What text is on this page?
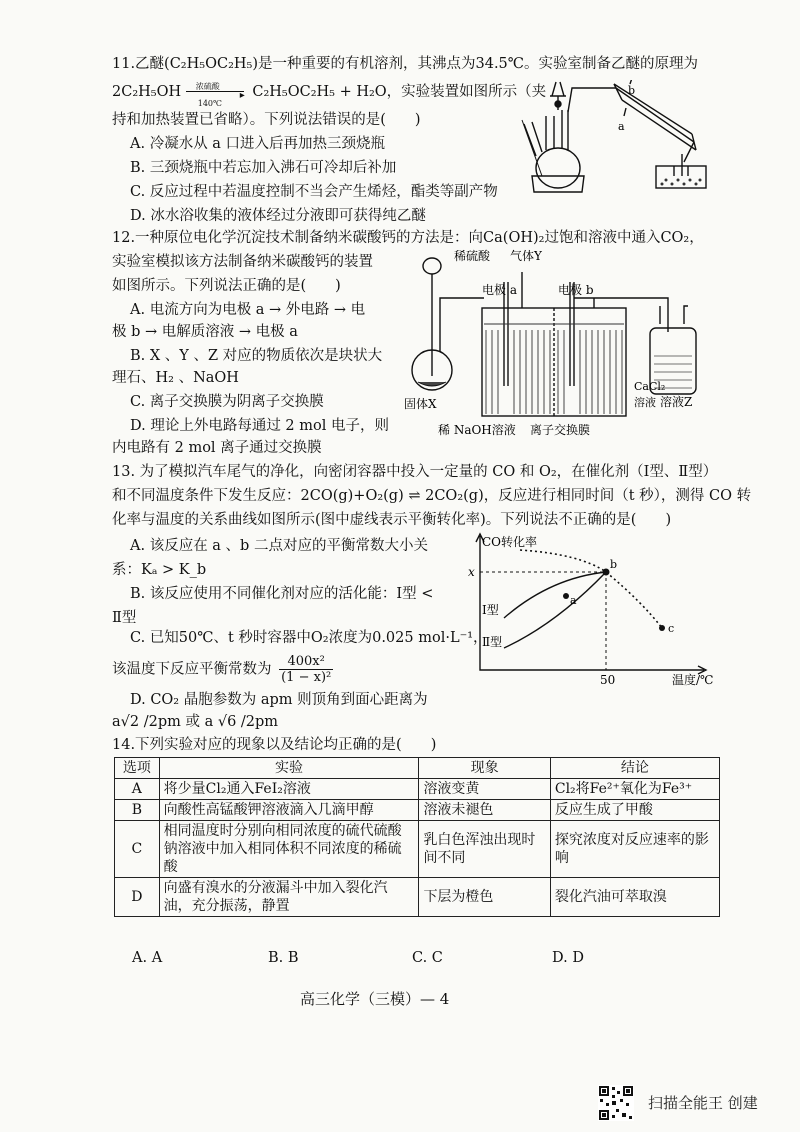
11.乙醚(C₂H₅OC₂H₅)是一种重要的有机溶剂，其沸点为34.5℃。实验室制备乙醚的原理为
2C₂H₅OH 浓硫酸
▸
140℃
C₂H₅OC₂H₅ + H₂O，实验装置如图所示（夹
持和加热装置已省略）。下列说法错误的是(　　)
A. 冷凝水从 a 口进入后再加热三颈烧瓶
B. 三颈烧瓶中若忘加入沸石可冷却后补加
C. 反应过程中若温度控制不当会产生烯烃，酯类等副产物
D. 冰水浴收集的液体经过分液即可获得纯乙醚
b
a
12.一种原位电化学沉淀技术制备纳米碳酸钙的方法是：向Ca(OH)₂过饱和溶液中通入CO₂，
实验室模拟该方法制备纳米碳酸钙的装置
如图所示。下列说法正确的是(　　)
A. 电流方向为电极 a → 外电路 → 电
极 b → 电解质溶液 → 电极 a
B. X 、Y 、Z 对应的物质依次是块状大
理石、H₂ 、NaOH
C. 离子交换膜为阴离子交换膜
D. 理论上外电路每通过 2 mol 电子，则
内电路有 2 mol 离子通过交换膜
稀硫酸 气体Y
电极 a	电极 b
固体X
稀 NaOH溶液 离子交换膜
CaCl₂
溶液 溶液Z
13. 为了模拟汽车尾气的净化，向密闭容器中投入一定量的 CO 和 O₂，在催化剂（Ⅰ型、Ⅱ型）
和不同温度条件下发生反应：2CO(g)+O₂(g) ⇌ 2CO₂(g)，反应进行相同时间（t 秒），测得 CO 转
化率与温度的关系曲线如图所示(图中虚线表示平衡转化率)。下列说法不正确的是(　　)
A. 该反应在 a 、b 二点对应的平衡常数大小关
系：Kₐ > K_b
B. 该反应使用不同催化剂对应的活化能：Ⅰ型 <
Ⅱ型
C. 已知50℃、t 秒时容器中O₂浓度为0.025 mol·L⁻¹，
该温度下反应平衡常数为 $\frac{\text{400x²}}{\text{(1 − x)²}}$
D. CO₂ 晶胞参数为 apm 则顶角到面心距离为
a√2 /2pm 或 a √6 /2pm
CO转化率
x
50	温度/℃
b
a
c
Ⅰ型
Ⅱ型
14.下列实验对应的现象以及结论均正确的是(　　)
选项	实验	现象	结论
A	将少量Cl₂通入FeI₂溶液	溶液变黄	Cl₂将Fe²⁺氧化为Fe³⁺
B	向酸性高锰酸钾溶液滴入几滴甲醇	溶液未褪色	反应生成了甲酸
C	相同温度时分别向相同浓度的硫代硫酸钠溶液中加入相同体积不同浓度的稀硫酸	乳白色浑浊出现时间不同	探究浓度对反应速率的影响
D	向盛有溴水的分液漏斗中加入裂化汽油，充分振荡，静置	下层为橙色	裂化汽油可萃取溴
A. A	B. B	C. C	D. D
高三化学（三模）— 4
扫描全能王 创建
